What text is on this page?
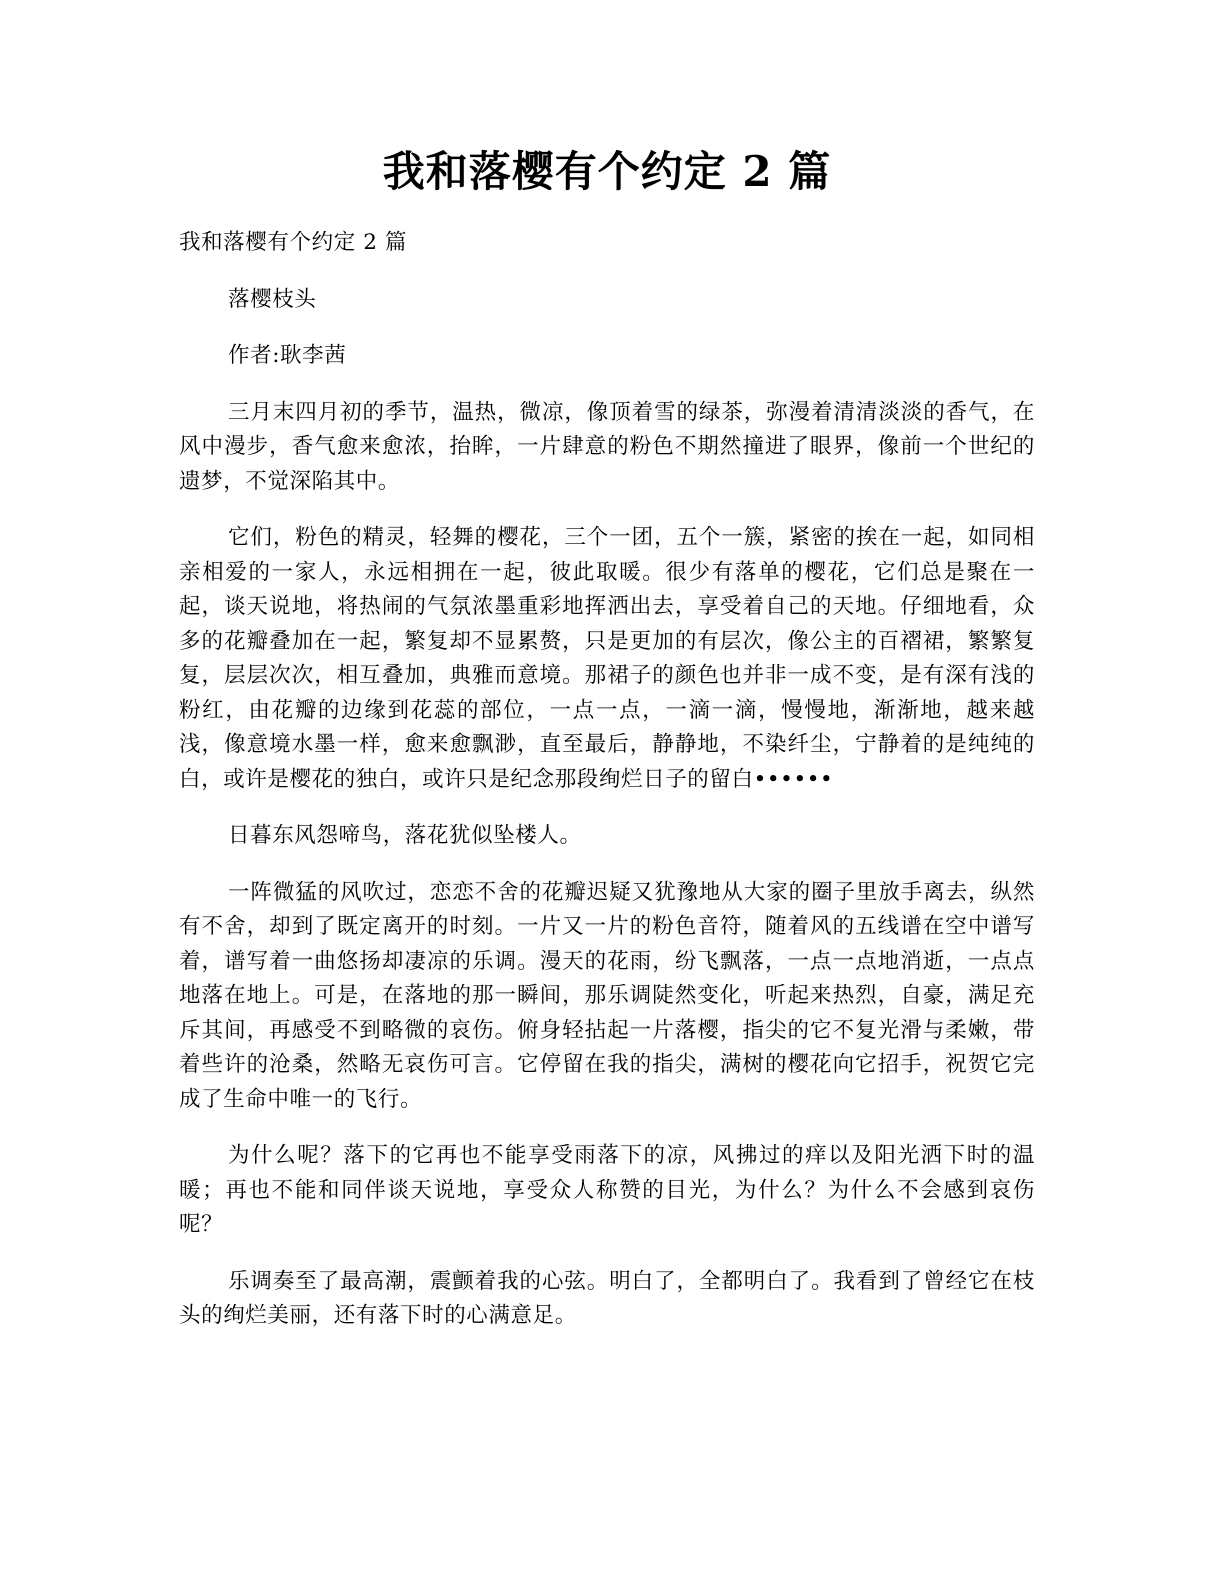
我和落樱有个约定 2 篇

我和落樱有个约定 2 篇

落樱枝头

作者:耿李茜

三月末四月初的季节，温热，微凉，像顶着雪的绿茶，弥漫着清清淡淡的香气，在风中漫步，香气愈来愈浓，抬眸，一片肆意的粉色不期然撞进了眼界，像前一个世纪的遗梦，不觉深陷其中。

它们，粉色的精灵，轻舞的樱花，三个一团，五个一簇，紧密的挨在一起，如同相亲相爱的一家人，永远相拥在一起，彼此取暖。很少有落单的樱花，它们总是聚在一起，谈天说地，将热闹的气氛浓墨重彩地挥洒出去，享受着自己的天地。仔细地看，众多的花瓣叠加在一起，繁复却不显累赘，只是更加的有层次，像公主的百褶裙，繁繁复复，层层次次，相互叠加，典雅而意境。那裙子的颜色也并非一成不变，是有深有浅的粉红，由花瓣的边缘到花蕊的部位，一点一点，一滴一滴，慢慢地，渐渐地，越来越浅，像意境水墨一样，愈来愈飘渺，直至最后，静静地，不染纤尘，宁静着的是纯纯的白，或许是樱花的独白，或许只是纪念那段绚烂日子的留白••••••

日暮东风怨啼鸟，落花犹似坠楼人。

一阵微猛的风吹过，恋恋不舍的花瓣迟疑又犹豫地从大家的圈子里放手离去，纵然有不舍，却到了既定离开的时刻。一片又一片的粉色音符，随着风的五线谱在空中谱写着，谱写着一曲悠扬却凄凉的乐调。漫天的花雨，纷飞飘落，一点一点地消逝，一点点地落在地上。可是，在落地的那一瞬间，那乐调陡然变化，听起来热烈，自豪，满足充斥其间，再感受不到略微的哀伤。俯身轻拈起一片落樱，指尖的它不复光滑与柔嫩，带着些许的沧桑，然略无哀伤可言。它停留在我的指尖，满树的樱花向它招手，祝贺它完成了生命中唯一的飞行。

为什么呢？落下的它再也不能享受雨落下的凉，风拂过的痒以及阳光洒下时的温暖；再也不能和同伴谈天说地，享受众人称赞的目光，为什么？为什么不会感到哀伤呢？

乐调奏至了最高潮，震颤着我的心弦。明白了，全都明白了。我看到了曾经它在枝头的绚烂美丽，还有落下时的心满意足。
